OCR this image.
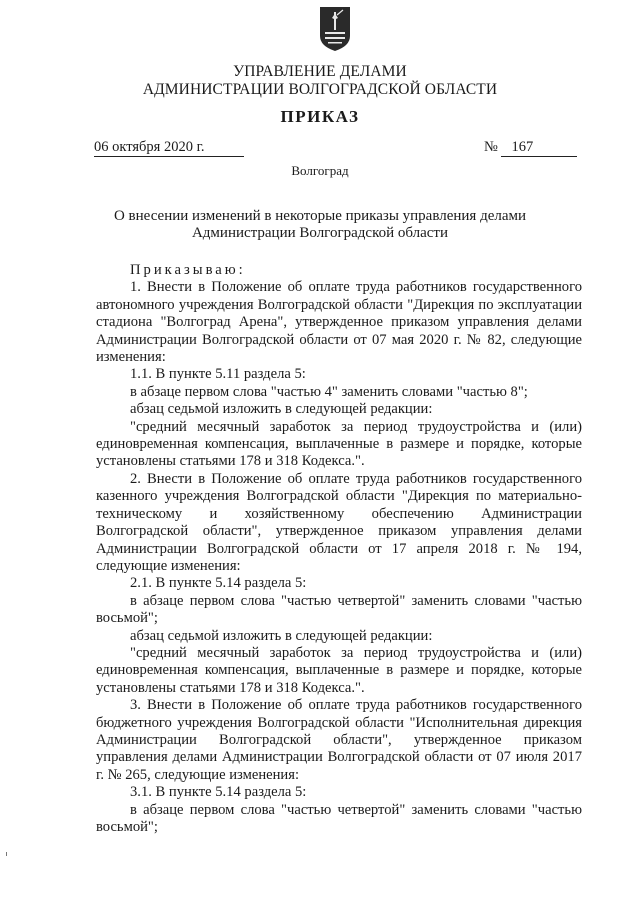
УПРАВЛЕНИЕ ДЕЛАМИ
АДМИНИСТРАЦИИ ВОЛГОГРАДСКОЙ ОБЛАСТИ
ПРИКАЗ
06 октября 2020 г.	№ 167
Волгоград
О внесении изменений в некоторые приказы управления делами
Администрации Волгоградской области

Приказываю:

1. Внести в Положение об оплате труда работников государственного автономного учреждения Волгоградской области "Дирекция по эксплуатации стадиона "Волгоград Арена", утвержденное приказом управления делами Администрации Волгоградской области от 07 мая 2020 г. № 82, следующие изменения:

1.1. В пункте 5.11 раздела 5:

в абзаце первом слова "частью 4" заменить словами "частью 8";

абзац седьмой изложить в следующей редакции:

"средний месячный заработок за период трудоустройства и (или) единовременная компенсация, выплаченные в размере и порядке, которые установлены статьями 178 и 318 Кодекса.".

2. Внести в Положение об оплате труда работников государственного казенного учреждения Волгоградской области "Дирекция по материально-техническому и хозяйственному обеспечению Администрации Волгоградской области", утвержденное приказом управления делами Администрации Волгоградской области от 17 апреля 2018 г. № 194, следующие изменения:

2.1. В пункте 5.14 раздела 5:

в абзаце первом слова "частью четвертой" заменить словами "частью восьмой";

абзац седьмой изложить в следующей редакции:

"средний месячный заработок за период трудоустройства и (или) единовременная компенсация, выплаченные в размере и порядке, которые установлены статьями 178 и 318 Кодекса.".

3. Внести в Положение об оплате труда работников государственного бюджетного учреждения Волгоградской области "Исполнительная дирекция Администрации Волгоградской области", утвержденное приказом управления делами Администрации Волгоградской области от 07 июля 2017 г. № 265, следующие изменения:

3.1. В пункте 5.14 раздела 5:

в абзаце первом слова "частью четвертой" заменить словами "частью восьмой";
